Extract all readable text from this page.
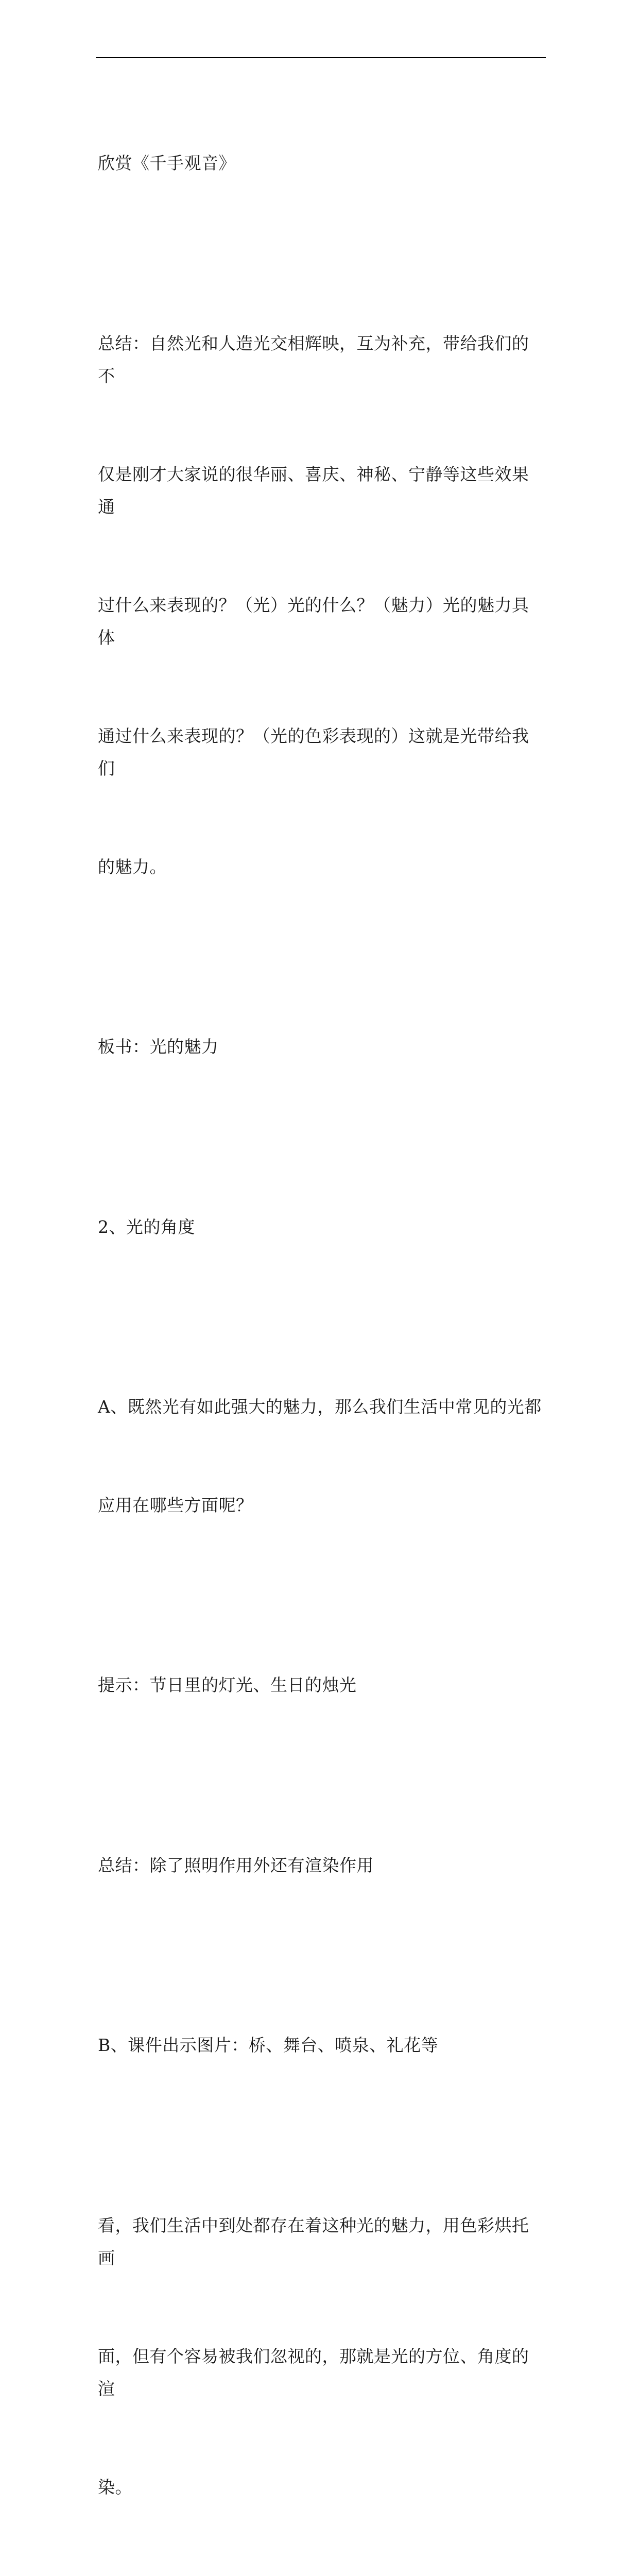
欣赏《千手观音》

总结：自然光和人造光交相辉映，互为补充，带给我们的不

仅是刚才大家说的很华丽、喜庆、神秘、宁静等这些效果通

过什么来表现的？（光）光的什么？（魅力）光的魅力具体

通过什么来表现的？（光的色彩表现的）这就是光带给我们

的魅力。

板书：光的魅力

2、光的角度

A、既然光有如此强大的魅力，那么我们生活中常见的光都

应用在哪些方面呢？

提示：节日里的灯光、生日的烛光

总结：除了照明作用外还有渲染作用

B、课件出示图片：桥、舞台、喷泉、礼花等

看，我们生活中到处都存在着这种光的魅力，用色彩烘托画

面，但有个容易被我们忽视的，那就是光的方位、角度的渲

染。
